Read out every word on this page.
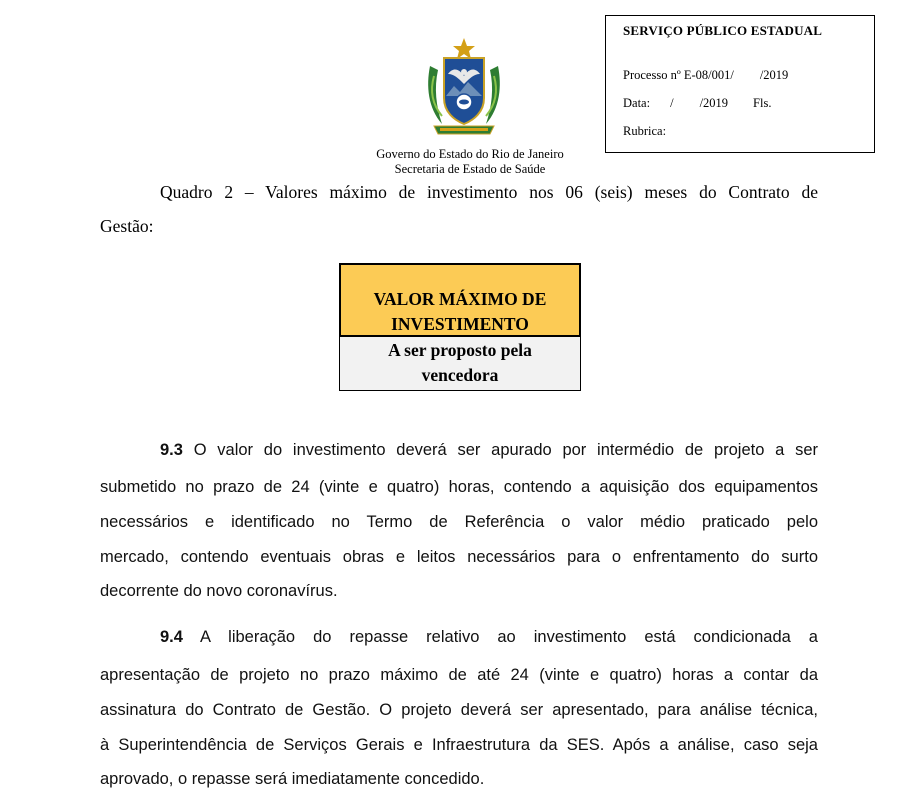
Governo do Estado do Rio de Janeiro
Secretaria de Estado de Saúde
SERVIÇO PÚBLICO ESTADUAL
Processo nº E-08/001/ /2019
Data: / /2019 Fls.
Rubrica:
Quadro 2 – Valores máximo de investimento nos 06 (seis) meses do Contrato de
Gestão:
VALOR MÁXIMO DE
INVESTIMENTO
A ser proposto pela
vencedora
9.3 O valor do investimento deverá ser apurado por intermédio de projeto a ser
submetido no prazo de 24 (vinte e quatro) horas, contendo a aquisição dos equipamentos
necessários e identificado no Termo de Referência o valor médio praticado pelo
mercado, contendo eventuais obras e leitos necessários para o enfrentamento do surto
decorrente do novo coronavírus.
9.4 A liberação do repasse relativo ao investimento está condicionada a
apresentação de projeto no prazo máximo de até 24 (vinte e quatro) horas a contar da
assinatura do Contrato de Gestão. O projeto deverá ser apresentado, para análise técnica,
à Superintendência de Serviços Gerais e Infraestrutura da SES. Após a análise, caso seja
aprovado, o repasse será imediatamente concedido.
